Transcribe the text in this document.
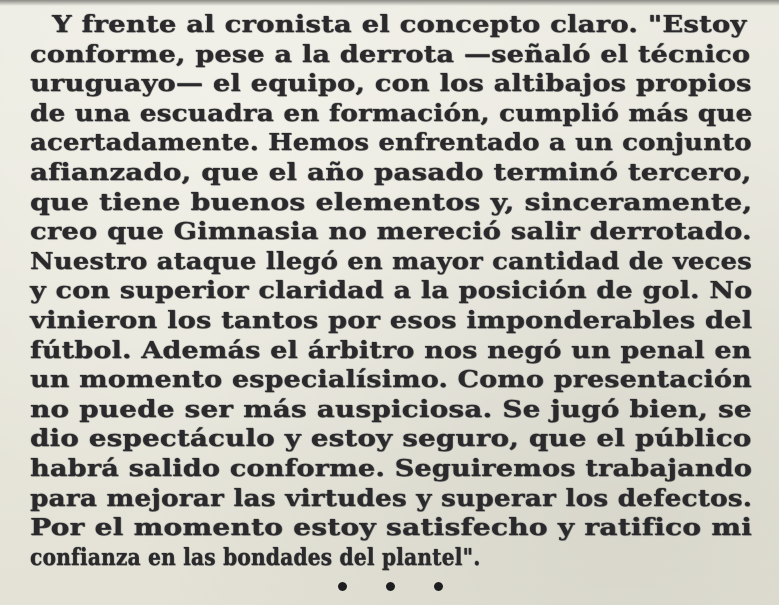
Y frente al cronista el concepto claro. "Estoy
conforme, pese a la derrota —señaló el técnico
uruguayo— el equipo, con los altibajos propios
de una escuadra en formación, cumplió más que
acertadamente. Hemos enfrentado a un conjunto
afianzado, que el año pasado terminó tercero,
que tiene buenos elementos y, sinceramente,
creo que Gimnasia no mereció salir derrotado.
Nuestro ataque llegó en mayor cantidad de veces
y con superior claridad a la posición de gol. No
vinieron los tantos por esos imponderables del
fútbol. Además el árbitro nos negó un penal en
un momento especialísimo. Como presentación
no puede ser más auspiciosa. Se jugó bien, se
dio espectáculo y estoy seguro, que el público
habrá salido conforme. Seguiremos trabajando
para mejorar las virtudes y superar los defectos.
Por el momento estoy satisfecho y ratifico mi
confianza en las bondades del plantel".
